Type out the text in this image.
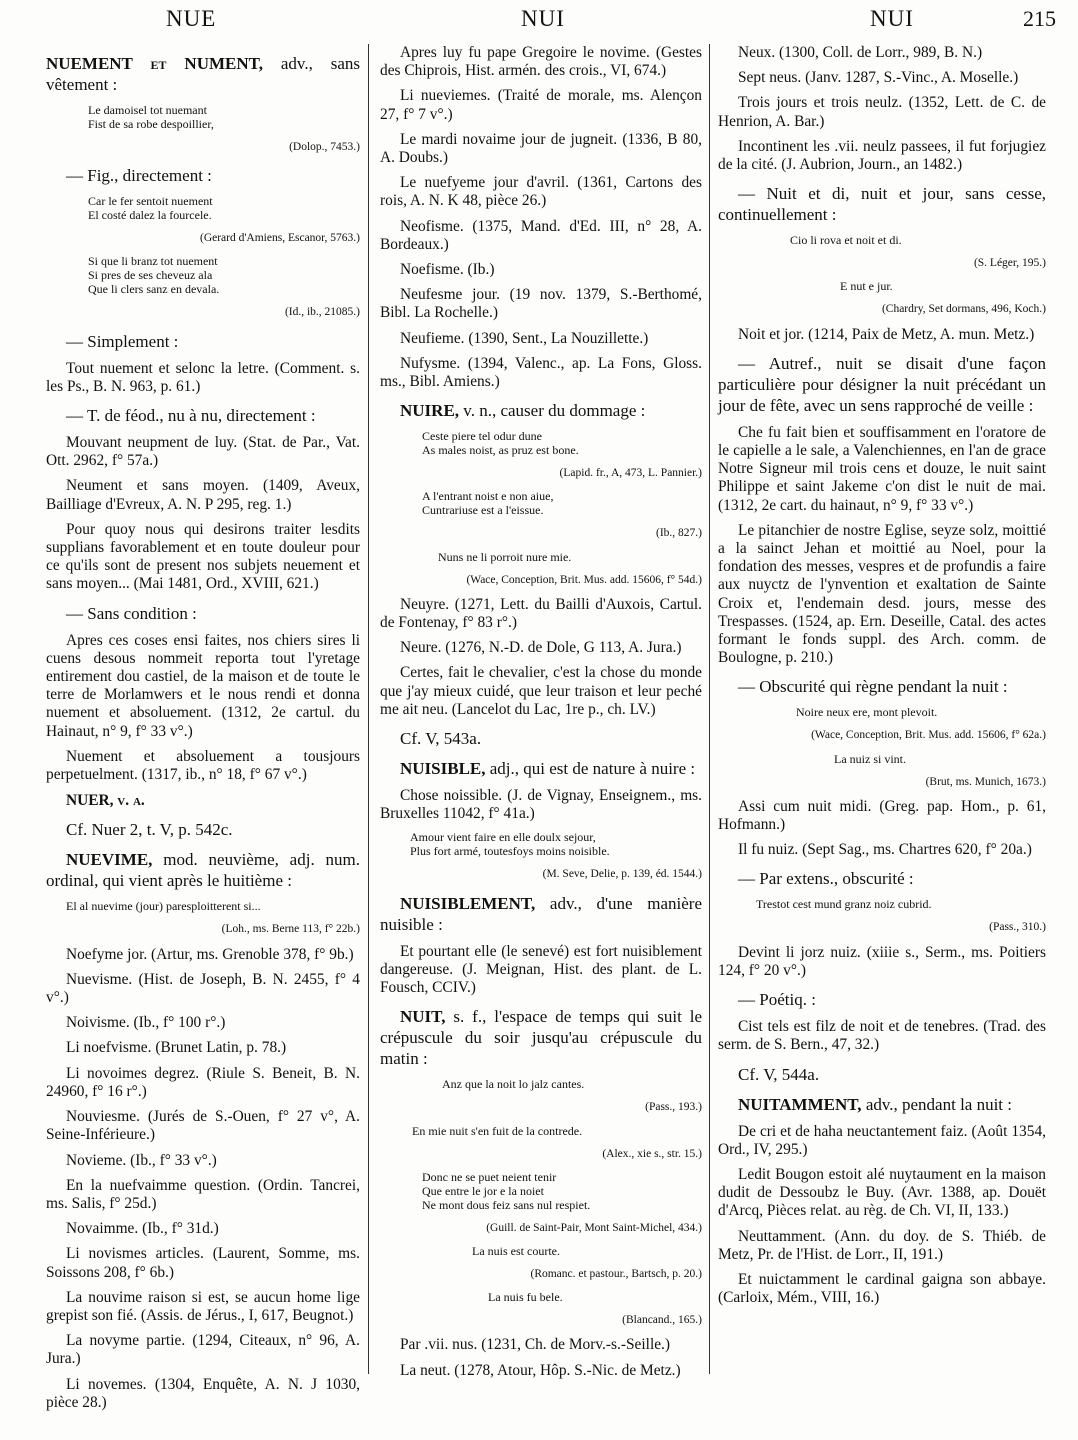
NUE	NUI	NUI	215

NUEMENT et NUMENT, adv., sans vêtement :

Le damoisel tot nuemant
Fist de sa robe despoillier,

(Dolop., 7453.)

— Fig., directement :

Car le fer sentoit nuement
El costé dalez la fourcele.

(Gerard d'Amiens, Escanor, 5763.)

Si que li branz tot nuement
Si pres de ses cheveuz ala
Que li clers sanz en devala.

(Id., ib., 21085.)

— Simplement :

Tout nuement et selonc la letre. (Comment. s. les Ps., B. N. 963, p. 61.)

— T. de féod., nu à nu, directement :

Mouvant neupment de luy. (Stat. de Par., Vat. Ott. 2962, f° 57a.)

Neument et sans moyen. (1409, Aveux, Bailliage d'Evreux, A. N. P 295, reg. 1.)

Pour quoy nous qui desirons traiter lesdits supplians favorablement et en toute douleur pour ce qu'ils sont de present nos subjets neuement et sans moyen... (Mai 1481, Ord., XVIII, 621.)

— Sans condition :

Apres ces coses ensi faites, nos chiers sires li cuens desous nommeit reporta tout l'yretage entirement dou castiel, de la maison et de toute le terre de Morlamwers et le nous rendi et donna nuement et absoluement. (1312, 2e cartul. du Hainaut, n° 9, f° 33 v°.)

Nuement et absoluement a tousjours perpetuelment. (1317, ib., n° 18, f° 67 v°.)

NUER, v. a.

Cf. Nuer 2, t. V, p. 542c.

NUEVIME, mod. neuvième, adj. num. ordinal, qui vient après le huitième :

El al nuevime (jour) paresploitterent si...

(Loh., ms. Berne 113, f° 22b.)

Noefyme jor. (Artur, ms. Grenoble 378, f° 9b.)

Nuevisme. (Hist. de Joseph, B. N. 2455, f° 4 v°.)

Noivisme. (Ib., f° 100 r°.)

Li noefvisme. (Brunet Latin, p. 78.)

Li novoimes degrez. (Riule S. Beneit, B. N. 24960, f° 16 r°.)

Nouviesme. (Jurés de S.-Ouen, f° 27 v°, A. Seine-Inférieure.)

Novieme. (Ib., f° 33 v°.)

En la nuefvaimme question. (Ordin. Tancrei, ms. Salis, f° 25d.)

Novaimme. (Ib., f° 31d.)

Li novismes articles. (Laurent, Somme, ms. Soissons 208, f° 6b.)

La nouvime raison si est, se aucun home lige grepist son fié. (Assis. de Jérus., I, 617, Beugnot.)

La novyme partie. (1294, Citeaux, n° 96, A. Jura.)

Li novemes. (1304, Enquête, A. N. J 1030, pièce 28.)

Apres luy fu pape Gregoire le novime. (Gestes des Chiprois, Hist. armén. des crois., VI, 674.)

Li nueviemes. (Traité de morale, ms. Alençon 27, f° 7 v°.)

Le mardi novaime jour de jugneit. (1336, B 80, A. Doubs.)

Le nuefyeme jour d'avril. (1361, Cartons des rois, A. N. K 48, pièce 26.)

Neofisme. (1375, Mand. d'Ed. III, n° 28, A. Bordeaux.)

Noefisme. (Ib.)

Neufesme jour. (19 nov. 1379, S.-Berthomé, Bibl. La Rochelle.)

Neufieme. (1390, Sent., La Nouzillette.)

Nufysme. (1394, Valenc., ap. La Fons, Gloss. ms., Bibl. Amiens.)

NUIRE, v. n., causer du dommage :

Ceste piere tel odur dune
As males noist, as pruz est bone.

(Lapid. fr., A, 473, L. Pannier.)

A l'entrant noist e non aiue,
Cuntrariuse est a l'eissue.

(Ib., 827.)

Nuns ne li porroit nure mie.

(Wace, Conception, Brit. Mus. add. 15606, f° 54d.)

Neuyre. (1271, Lett. du Bailli d'Auxois, Cartul. de Fontenay, f° 83 r°.)

Neure. (1276, N.-D. de Dole, G 113, A. Jura.)

Certes, fait le chevalier, c'est la chose du monde que j'ay mieux cuidé, que leur traison et leur peché me ait neu. (Lancelot du Lac, 1re p., ch. LV.)

Cf. V, 543a.

NUISIBLE, adj., qui est de nature à nuire :

Chose noissible. (J. de Vignay, Enseignem., ms. Bruxelles 11042, f° 41a.)

Amour vient faire en elle doulx sejour,
Plus fort armé, toutesfoys moins noisible.

(M. Seve, Delie, p. 139, éd. 1544.)

NUISIBLEMENT, adv., d'une manière nuisible :

Et pourtant elle (le senevé) est fort nuisiblement dangereuse. (J. Meignan, Hist. des plant. de L. Fousch, CCIV.)

NUIT, s. f., l'espace de temps qui suit le crépuscule du soir jusqu'au crépuscule du matin :

Anz que la noit lo jalz cantes.

(Pass., 193.)

En mie nuit s'en fuit de la contrede.

(Alex., xie s., str. 15.)

Donc ne se puet neient tenir
Que entre le jor e la noiet
Ne mont dous feiz sans nul respiet.

(Guill. de Saint-Pair, Mont Saint-Michel, 434.)

La nuis est courte.

(Romanc. et pastour., Bartsch, p. 20.)

La nuis fu bele.

(Blancand., 165.)

Par .vii. nus. (1231, Ch. de Morv.-s.-Seille.)

La neut. (1278, Atour, Hôp. S.-Nic. de Metz.)

Neux. (1300, Coll. de Lorr., 989, B. N.)

Sept neus. (Janv. 1287, S.-Vinc., A. Moselle.)

Trois jours et trois neulz. (1352, Lett. de C. de Henrion, A. Bar.)

Incontinent les .vii. neulz passees, il fut forjugiez de la cité. (J. Aubrion, Journ., an 1482.)

— Nuit et di, nuit et jour, sans cesse, continuellement :

Cio li rova et noit et di.

(S. Léger, 195.)

E nut e jur.

(Chardry, Set dormans, 496, Koch.)

Noit et jor. (1214, Paix de Metz, A. mun. Metz.)

— Autref., nuit se disait d'une façon particulière pour désigner la nuit précédant un jour de fête, avec un sens rapproché de veille :

Che fu fait bien et souffisamment en l'oratore de le capielle a le sale, a Valenchiennes, en l'an de grace Notre Signeur mil trois cens et douze, le nuit saint Philippe et saint Jakeme c'on dist le nuit de mai. (1312, 2e cart. du hainaut, n° 9, f° 33 v°.)

Le pitanchier de nostre Eglise, seyze solz, moittié a la sainct Jehan et moittié au Noel, pour la fondation des messes, vespres et de profundis a faire aux nuyctz de l'ynvention et exaltation de Sainte Croix et, l'endemain desd. jours, messe des Trespasses. (1524, ap. Ern. Deseille, Catal. des actes formant le fonds suppl. des Arch. comm. de Boulogne, p. 210.)

— Obscurité qui règne pendant la nuit :

Noire neux ere, mont plevoit.

(Wace, Conception, Brit. Mus. add. 15606, f° 62a.)

La nuiz si vint.

(Brut, ms. Munich, 1673.)

Assi cum nuit midi. (Greg. pap. Hom., p. 61, Hofmann.)

Il fu nuiz. (Sept Sag., ms. Chartres 620, f° 20a.)

— Par extens., obscurité :

Trestot cest mund granz noiz cubrid.

(Pass., 310.)

Devint li jorz nuiz. (xiiie s., Serm., ms. Poitiers 124, f° 20 v°.)

— Poétiq. :

Cist tels est filz de noit et de tenebres. (Trad. des serm. de S. Bern., 47, 32.)

Cf. V, 544a.

NUITAMMENT, adv., pendant la nuit :

De cri et de haha neuctantement faiz. (Août 1354, Ord., IV, 295.)

Ledit Bougon estoit alé nuytaument en la maison dudit de Dessoubz le Buy. (Avr. 1388, ap. Douët d'Arcq, Pièces relat. au règ. de Ch. VI, II, 133.)

Neuttamment. (Ann. du doy. de S. Thiéb. de Metz, Pr. de l'Hist. de Lorr., II, 191.)

Et nuictamment le cardinal gaigna son abbaye. (Carloix, Mém., VIII, 16.)
